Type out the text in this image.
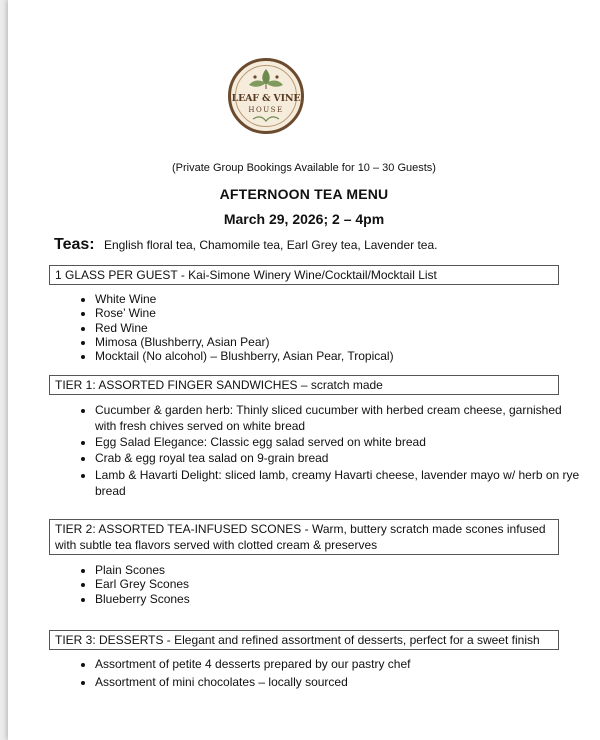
LEAF & VINE
HOUSE
(Private Group Bookings Available for 10 – 30 Guests)
AFTERNOON TEA MENU
March 29, 2026; 2 – 4pm
Teas: English floral tea, Chamomile tea, Earl Grey tea, Lavender tea.
1 GLASS PER GUEST - Kai-Simone Winery Wine/Cocktail/Mocktail List
• White Wine
• Rose’ Wine
• Red Wine
• Mimosa (Blushberry, Asian Pear)
• Mocktail (No alcohol) – Blushberry, Asian Pear, Tropical)
TIER 1: ASSORTED FINGER SANDWICHES – scratch made
• Cucumber & garden herb: Thinly sliced cucumber with herbed cream cheese, garnished with fresh chives served on white bread
• Egg Salad Elegance: Classic egg salad served on white bread
• Crab & egg royal tea salad on 9-grain bread
• Lamb & Havarti Delight: sliced lamb, creamy Havarti cheese, lavender mayo w/ herb on rye bread
TIER 2: ASSORTED TEA-INFUSED SCONES - Warm, buttery scratch made scones infused with subtle tea flavors served with clotted cream & preserves
• Plain Scones
• Earl Grey Scones
• Blueberry Scones
TIER 3: DESSERTS - Elegant and refined assortment of desserts, perfect for a sweet finish
• Assortment of petite 4 desserts prepared by our pastry chef
• Assortment of mini chocolates – locally sourced
